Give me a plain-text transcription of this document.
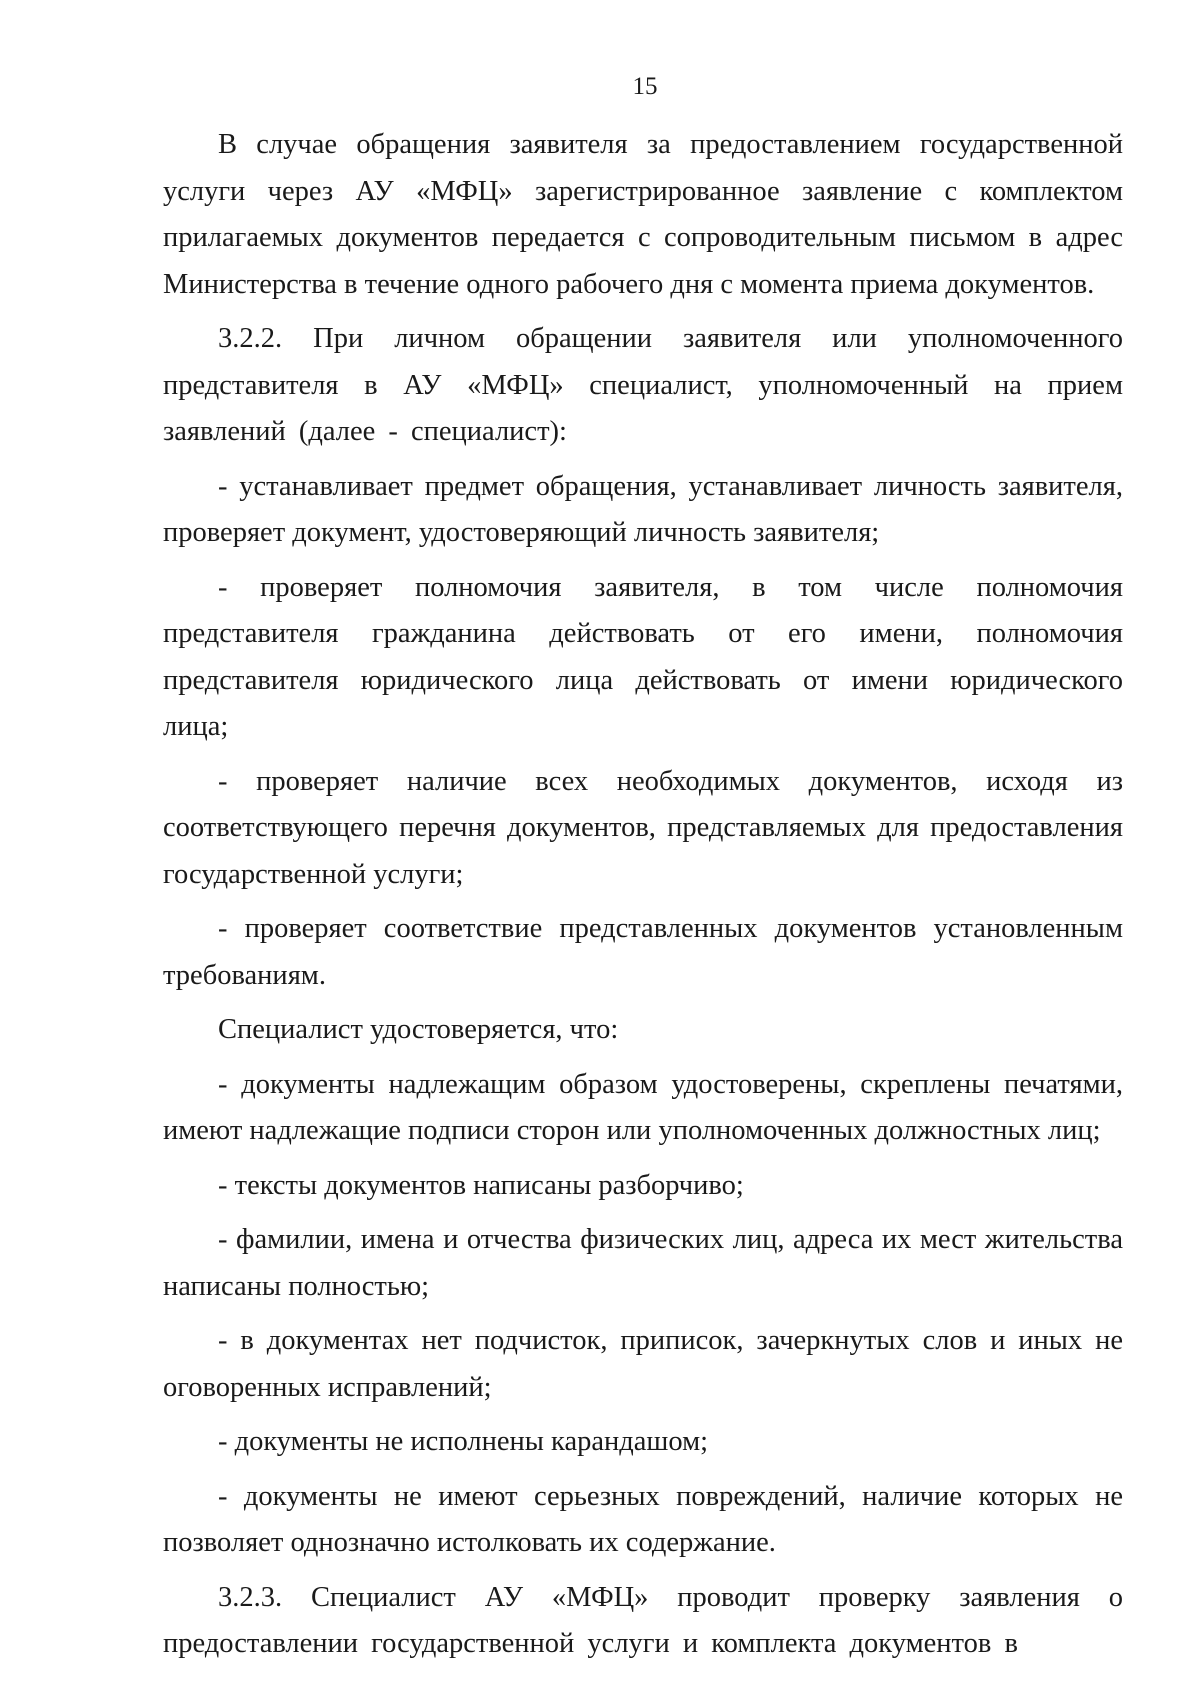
15

В случае обращения заявителя за предоставлением государственной услуги через АУ «МФЦ» зарегистрированное заявление с комплектом прилагаемых документов передается с сопроводительным письмом в адрес Министерства в течение одного рабочего дня с момента приема документов.

3.2.2. При личном обращении заявителя или уполномоченного представителя в АУ «МФЦ» специалист, уполномоченный на прием заявлений (далее - специалист):

- устанавливает предмет обращения, устанавливает личность заявителя, проверяет документ, удостоверяющий личность заявителя;

- проверяет полномочия заявителя, в том числе полномочия представителя гражданина действовать от его имени, полномочия представителя юридического лица действовать от имени юридического лица;

- проверяет наличие всех необходимых документов, исходя из соответствующего перечня документов, представляемых для предоставления государственной услуги;

- проверяет соответствие представленных документов установленным требованиям.

Специалист удостоверяется, что:

- документы надлежащим образом удостоверены, скреплены печатями, имеют надлежащие подписи сторон или уполномоченных должностных лиц;

- тексты документов написаны разборчиво;

- фамилии, имена и отчества физических лиц, адреса их мест жительства написаны полностью;

- в документах нет подчисток, приписок, зачеркнутых слов и иных не оговоренных исправлений;

- документы не исполнены карандашом;

- документы не имеют серьезных повреждений, наличие которых не позволяет однозначно истолковать их содержание.

3.2.3. Специалист АУ «МФЦ» проводит проверку заявления о предоставлении государственной услуги и комплекта документов в
